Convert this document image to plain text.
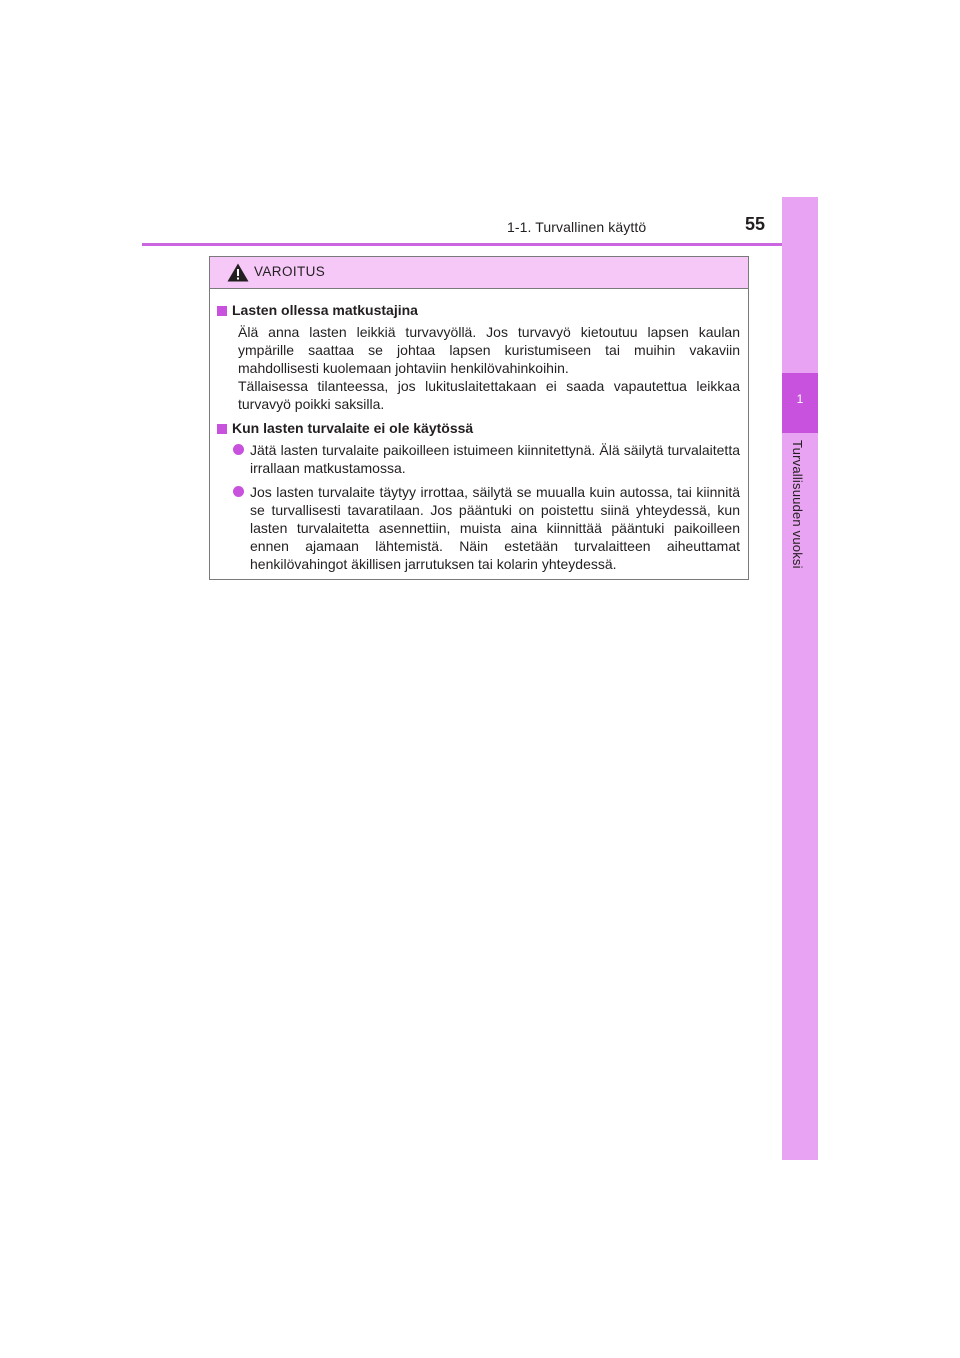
1-1. Turvallinen käyttö	55
1
Turvallisuuden vuoksi
VAROITUS
Lasten ollessa matkustajina

Älä anna lasten leikkiä turvavyöllä. Jos turvavyö kietoutuu lapsen kaulan ympärille saattaa se johtaa lapsen kuristumiseen tai muihin vakaviin mahdollisesti kuolemaan johtaviin henkilövahinkoihin.

Tällaisessa tilanteessa, jos lukituslaitettakaan ei saada vapautettua leikkaa turvavyö poikki saksilla.

Kun lasten turvalaite ei ole käytössä
Jätä lasten turvalaite paikoilleen istuimeen kiinnitettynä. Älä säilytä turvalaitetta irrallaan matkustamossa.
Jos lasten turvalaite täytyy irrottaa, säilytä se muualla kuin autossa, tai kiinnitä se turvallisesti tavaratilaan. Jos pääntuki on poistettu siinä yhteydessä, kun lasten turvalaitetta asennettiin, muista aina kiinnittää pääntuki paikoilleen ennen ajamaan lähtemistä. Näin estetään turvalaitteen aiheuttamat henkilövahingot äkillisen jarrutuksen tai kolarin yhteydessä.
